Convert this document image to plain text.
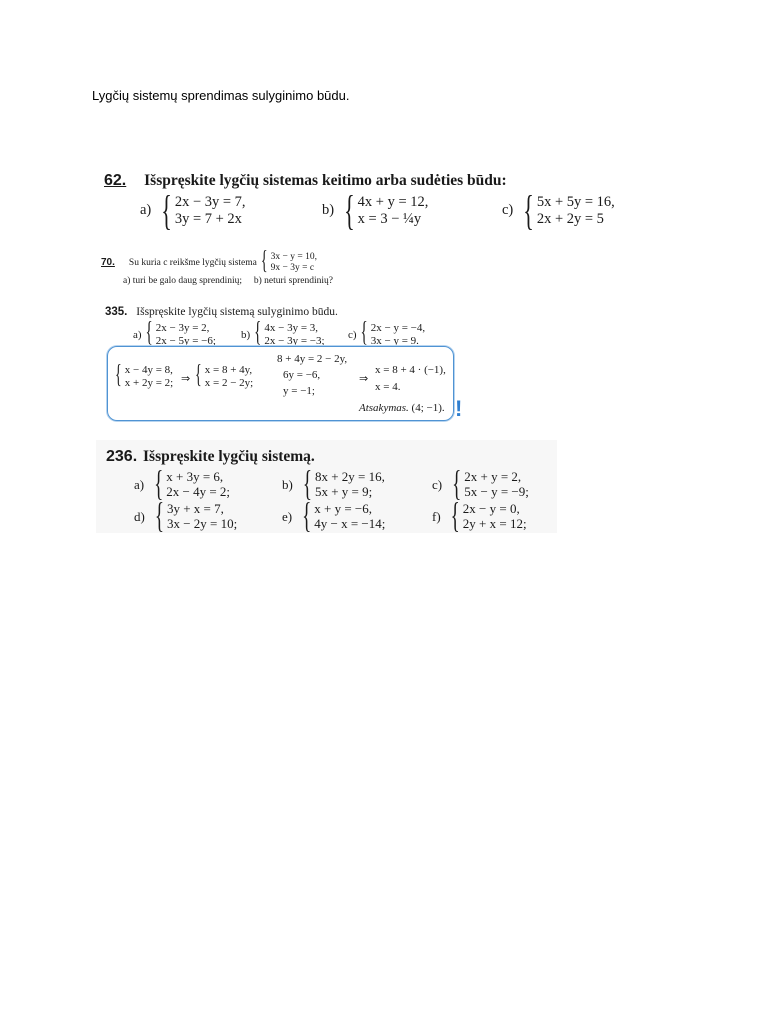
Lygčių sistemų sprendimas sulyginimo būdu.
62. Išspręskite lygčių sistemas keitimo arba sudėties būdu:
a) { 2x − 3y = 7,
3y = 7 + 2x
b) { 4x + y = 12,
x = 3 − ¼y
c) { 5x + 5y = 16,
2x + 2y = 5
70. Su kuria c reikšme lygčių sistema { 3x − y = 10,
9x − 3y = c
a) turi be galo daug sprendinių; b) neturi sprendinių?
335. Išspręskite lygčių sistemą sulyginimo būdu.
a) { 2x − 3y = 2,
2x − 5y = −6; b) { 4x − 3y = 3,
2x − 3y = −3; c) { 2x − y = −4,
3x − y = 9.
{ x − 4y = 8,
x + 2y = 2; ⇒ { x = 8 + 4y,
x = 2 − 2y;
8 + 4y = 2 − 2y,
6y = −6,
y = −1;
⇒
x = 8 + 4 · (−1),
x = 4.
Atsakymas. (4; −1). !
236. Išspręskite lygčių sistemą.
a) { x + 3y = 6,
2x − 4y = 2;	b) { 8x + 2y = 16,
5x + y = 9;	c) { 2x + y = 2,
5x − y = −9;
d) { 3y + x = 7,
3x − 2y = 10;	e) { x + y = −6,
4y − x = −14;	f) { 2x − y = 0,
2y + x = 12;
